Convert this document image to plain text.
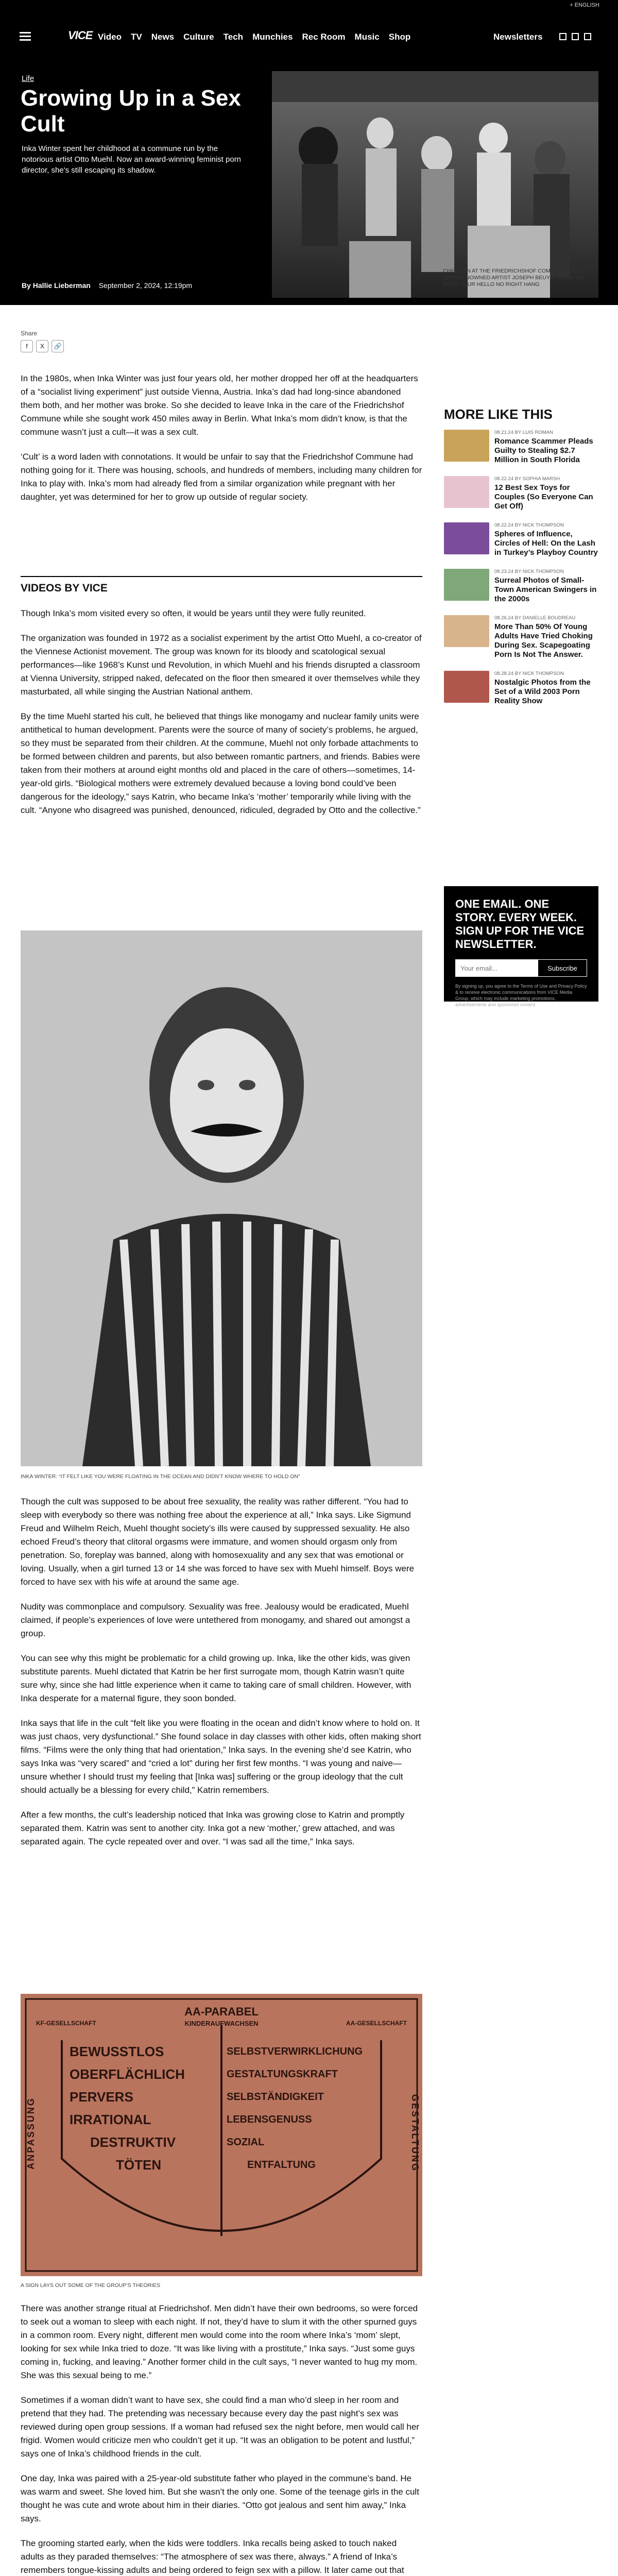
+ ENGLISH
VICE Video TV News Culture Tech Munchies Rec Room Music Shop	Newsletters
Life
Growing Up in a Sex Cult

Inka Winter spent her childhood at a commune run by the notorious artist Otto Muehl. Now an award-winning feminist porn director, she's still escaping its shadow.

By Hallie Lieberman September 2, 2024, 12:19pm
CHILDREN AT THE FRIEDRICHSHOF COMMUNE DANCE WITH RENOWNED ARTIST JOSEPH BEUYS. IMAGE VIA FOUR YOUR HELLO NO RIGHT HANG
Share
f	X	🔗

In the 1980s, when Inka Winter was just four years old, her mother dropped her off at the headquarters of a “socialist living experiment” just outside Vienna, Austria. Inka’s dad had long-since abandoned them both, and her mother was broke. So she decided to leave Inka in the care of the Friedrichshof Commune while she sought work 450 miles away in Berlin. What Inka’s mom didn’t know, is that the commune wasn’t just a cult—it was a sex cult.

‘Cult’ is a word laden with connotations. It would be unfair to say that the Friedrichshof Commune had nothing going for it. There was housing, schools, and hundreds of members, including many children for Inka to play with. Inka’s mom had already fled from a similar organization while pregnant with her daughter, yet was determined for her to grow up outside of regular society.

VIDEOS BY VICE

Though Inka’s mom visited every so often, it would be years until they were fully reunited.

The organization was founded in 1972 as a socialist experiment by the artist Otto Muehl, a co-creator of the Viennese Actionist movement. The group was known for its bloody and scatological sexual performances—like 1968’s Kunst und Revolution, in which Muehl and his friends disrupted a classroom at Vienna University, stripped naked, defecated on the floor then smeared it over themselves while they masturbated, all while singing the Austrian National anthem.

By the time Muehl started his cult, he believed that things like monogamy and nuclear family units were antithetical to human development. Parents were the source of many of society’s problems, he argued, so they must be separated from their children. At the commune, Muehl not only forbade attachments to be formed between children and parents, but also between romantic partners, and friends. Babies were taken from their mothers at around eight months old and placed in the care of others—sometimes, 14-year-old girls. “Biological mothers were extremely devalued because a loving bond could’ve been dangerous for the ideology,” says Katrin, who became Inka’s ‘mother’ temporarily while living with the cult. “Anyone who disagreed was punished, denounced, ridiculed, degraded by Otto and the collective.”

INKA WINTER: “IT FELT LIKE YOU WERE FLOATING IN THE OCEAN AND DIDN’T KNOW WHERE TO HOLD ON”

Though the cult was supposed to be about free sexuality, the reality was rather different. “You had to sleep with everybody so there was nothing free about the experience at all,” Inka says. Like Sigmund Freud and Wilhelm Reich, Muehl thought society’s ills were caused by suppressed sexuality. He also echoed Freud’s theory that clitoral orgasms were immature, and women should orgasm only from penetration. So, foreplay was banned, along with homosexuality and any sex that was emotional or loving. Usually, when a girl turned 13 or 14 she was forced to have sex with Muehl himself. Boys were forced to have sex with his wife at around the same age.

Nudity was commonplace and compulsory. Sexuality was free. Jealousy would be eradicated, Muehl claimed, if people’s experiences of love were untethered from monogamy, and shared out amongst a group.

You can see why this might be problematic for a child growing up. Inka, like the other kids, was given substitute parents. Muehl dictated that Katrin be her first surrogate mom, though Katrin wasn’t quite sure why, since she had little experience when it came to taking care of small children. However, with Inka desperate for a maternal figure, they soon bonded.

Inka says that life in the cult “felt like you were floating in the ocean and didn’t know where to hold on. It was just chaos, very dysfunctional.” She found solace in day classes with other kids, often making short films. “Films were the only thing that had orientation,” Inka says. In the evening she’d see Katrin, who says Inka was “very scared” and “cried a lot” during her first few months. “I was young and naive—unsure whether I should trust my feeling that [Inka was] suffering or the group ideology that the cult should actually be a blessing for every child,” Katrin remembers.

After a few months, the cult’s leadership noticed that Inka was growing close to Katrin and promptly separated them. Katrin was sent to another city. Inka got a new ‘mother,’ grew attached, and was separated again. The cycle repeated over and over. “I was sad all the time,” Inka says.

AA-PARABEL
KINDERAUFWACHSEN
KF-GESELLSCHAFT	AA-GESELLSCHAFT
BEWUSSTLOS
OBERFLÄCHLICH
PERVERS
IRRATIONAL
DESTRUKTIV
TÖTEN
SELBSTVERWIRKLICHUNG
GESTALTUNGSKRAFT
SELBSTÄNDIGKEIT
LEBENSGENUSS
SOZIAL
ENTFALTUNG
ANPASSUNG	GESTALTUNG
A SIGN LAYS OUT SOME OF THE GROUP’S THEORIES

There was another strange ritual at Friedrichshof. Men didn’t have their own bedrooms, so were forced to seek out a woman to sleep with each night. If not, they’d have to slum it with the other spurned guys in a common room. Every night, different men would come into the room where Inka’s ‘mom’ slept, looking for sex while Inka tried to doze. “It was like living with a prostitute,” Inka says. “Just some guys coming in, fucking, and leaving.” Another former child in the cult says, “I never wanted to hug my mom. She was this sexual being to me.”

Sometimes if a woman didn’t want to have sex, she could find a man who’d sleep in her room and pretend that they had. The pretending was necessary because every day the past night’s sex was reviewed during open group sessions. If a woman had refused sex the night before, men would call her frigid. Women would criticize men who couldn’t get it up. “It was an obligation to be potent and lustful,” says one of Inka’s childhood friends in the cult.

One day, Inka was paired with a 25-year-old substitute father who played in the commune’s band. He was warm and sweet. She loved him. But she wasn’t the only one. Some of the teenage girls in the cult thought he was cute and wrote about him in their diaries. “Otto got jealous and sent him away,” Inka says.

The grooming started early, when the kids were toddlers. Inka recalls being asked to touch naked adults as they paraded themselves: “The atmosphere of sex was there, always.” A friend of Inka’s remembers tongue-kissing adults and being ordered to feign sex with a pillow. It later came out that

MORE LIKE THIS
08.21.24 BY LUIS ROMAN
Romance Scammer Pleads Guilty to Stealing $2.7 Million in South Florida
08.22.24 BY SOPHIA MARSH
12 Best Sex Toys for Couples (So Everyone Can Get Off)
08.22.24 BY NICK THOMPSON
Spheres of Influence, Circles of Hell: On the Lash in Turkey’s Playboy Country
08.23.24 BY NICK THOMPSON
Surreal Photos of Small-Town American Swingers in the 2000s
08.26.24 BY DANIELLE BOUDREAU
More Than 50% Of Young Adults Have Tried Choking During Sex. Scapegoating Porn Is Not The Answer.
08.28.24 BY NICK THOMPSON
Nostalgic Photos from the Set of a Wild 2003 Porn Reality Show
ONE EMAIL. ONE STORY. EVERY WEEK. SIGN UP FOR THE VICE NEWSLETTER.
Your email...
Subscribe
By signing up, you agree to the Terms of Use and Privacy Policy & to receive electronic communications from VICE Media Group, which may include marketing promotions, advertisements and sponsored content.
